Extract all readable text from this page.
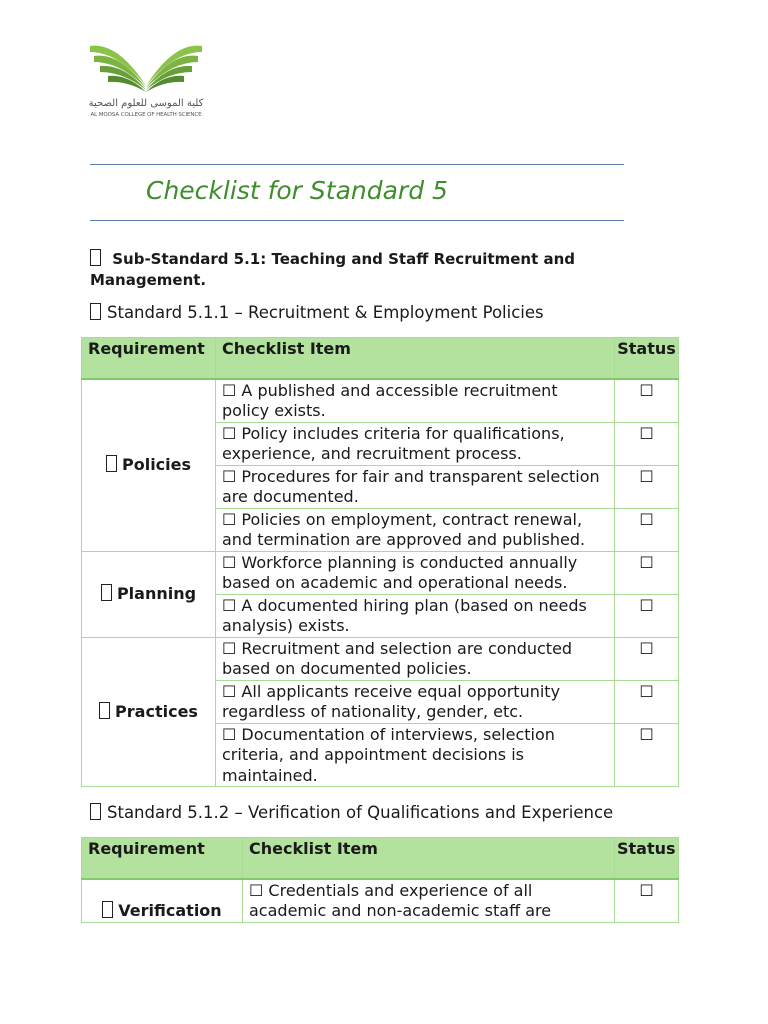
كلية الموسى للعلوم الصحية
AL MOOSA COLLEGE OF HEALTH SCIENCE
Checklist for Standard 5
Sub-Standard 5.1: Teaching and Staff Recruitment and Management.
Standard 5.1.1 – Recruitment & Employment Policies
Requirement	Checklist Item	Status
Policies	☐ A published and accessible recruitment policy exists.	☐
	☐ Policy includes criteria for qualifications, experience, and recruitment process.	☐
	☐ Procedures for fair and transparent selection are documented.	☐
	☐ Policies on employment, contract renewal, and termination are approved and published.	☐
Planning	☐ Workforce planning is conducted annually based on academic and operational needs.	☐
	☐ A documented hiring plan (based on needs analysis) exists.	☐
Practices	☐ Recruitment and selection are conducted based on documented policies.	☐
	☐ All applicants receive equal opportunity regardless of nationality, gender, etc.	☐
	☐ Documentation of interviews, selection criteria, and appointment decisions is maintained.	☐
Standard 5.1.2 – Verification of Qualifications and Experience
Requirement	Checklist Item	Status
Verification	☐ Credentials and experience of all academic and non-academic staff are	☐
